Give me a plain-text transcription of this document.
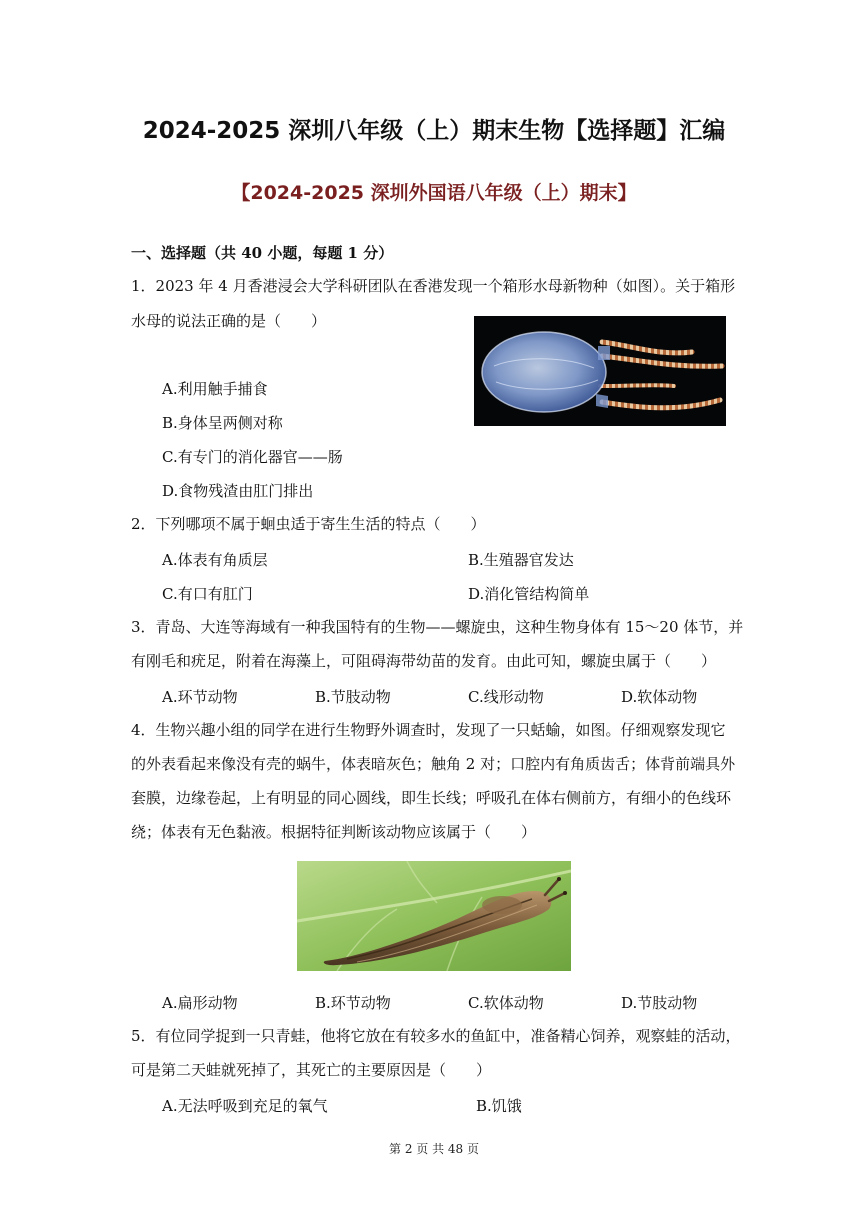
2024-2025 深圳八年级（上）期末生物【选择题】汇编
【2024-2025 深圳外国语八年级（上）期末】
一、选择题（共 40 小题，每题 1 分）
1．2023 年 4 月香港浸会大学科研团队在香港发现一个箱形水母新物种（如图）。关于箱形
水母的说法正确的是（　　）
A.利用触手捕食
B.身体呈两侧对称
C.有专门的消化器官——肠
D.食物残渣由肛门排出
2．下列哪项不属于蛔虫适于寄生生活的特点（　　）
A.体表有角质层	B.生殖器官发达
C.有口有肛门	D.消化管结构简单
3．青岛、大连等海域有一种我国特有的生物——螺旋虫，这种生物身体有 15～20 体节，并
有刚毛和疣足，附着在海藻上，可阻碍海带幼苗的发育。由此可知，螺旋虫属于（　　）
A.环节动物	B.节肢动物	C.线形动物	D.软体动物
4．生物兴趣小组的同学在进行生物野外调查时，发现了一只蛞蝓，如图。仔细观察发现它
的外表看起来像没有壳的蜗牛，体表暗灰色；触角 2 对；口腔内有角质齿舌；体背前端具外
套膜，边缘卷起，上有明显的同心圆线，即生长线；呼吸孔在体右侧前方，有细小的色线环
绕；体表有无色黏液。根据特征判断该动物应该属于（　　）
A.扁形动物	B.环节动物	C.软体动物	D.节肢动物
5．有位同学捉到一只青蛙，他将它放在有较多水的鱼缸中，准备精心饲养，观察蛙的活动，
可是第二天蛙就死掉了，其死亡的主要原因是（　　）
A.无法呼吸到充足的氧气	B.饥饿
第 2 页 共 48 页
